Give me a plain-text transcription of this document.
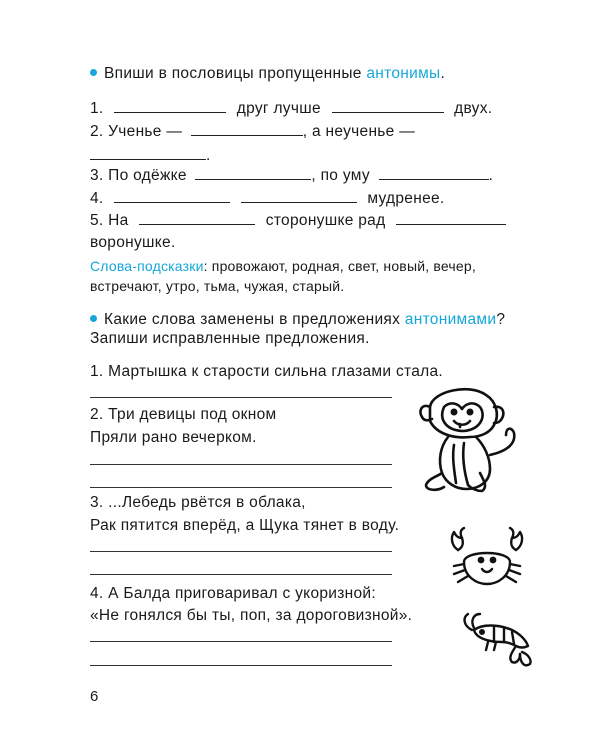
Впиши в пословицы пропущенные антонимы.
1.	друг лучше	двух.
2. Ученье —	, а неученье —
.
3. По одёжке	, по уму	.
4.	мудренее.
5. На	сторонушке рад
воронушке.
Слова-подсказки: провожают, родная, свет, новый, вечер,
встречают, утро, тьма, чужая, старый.
Какие слова заменены в предложениях антонимами?
Запиши исправленные предложения.
1. Мартышка к старости сильна глазами стала.
2. Три девицы под окном
Пряли рано вечерком.
3. ...Лебедь рвётся в облака,
Рак пятится вперёд, а Щука тянет в воду.
4. А Балда приговаривал с укоризной:
«Не гонялся бы ты, поп, за дороговизной».
6
